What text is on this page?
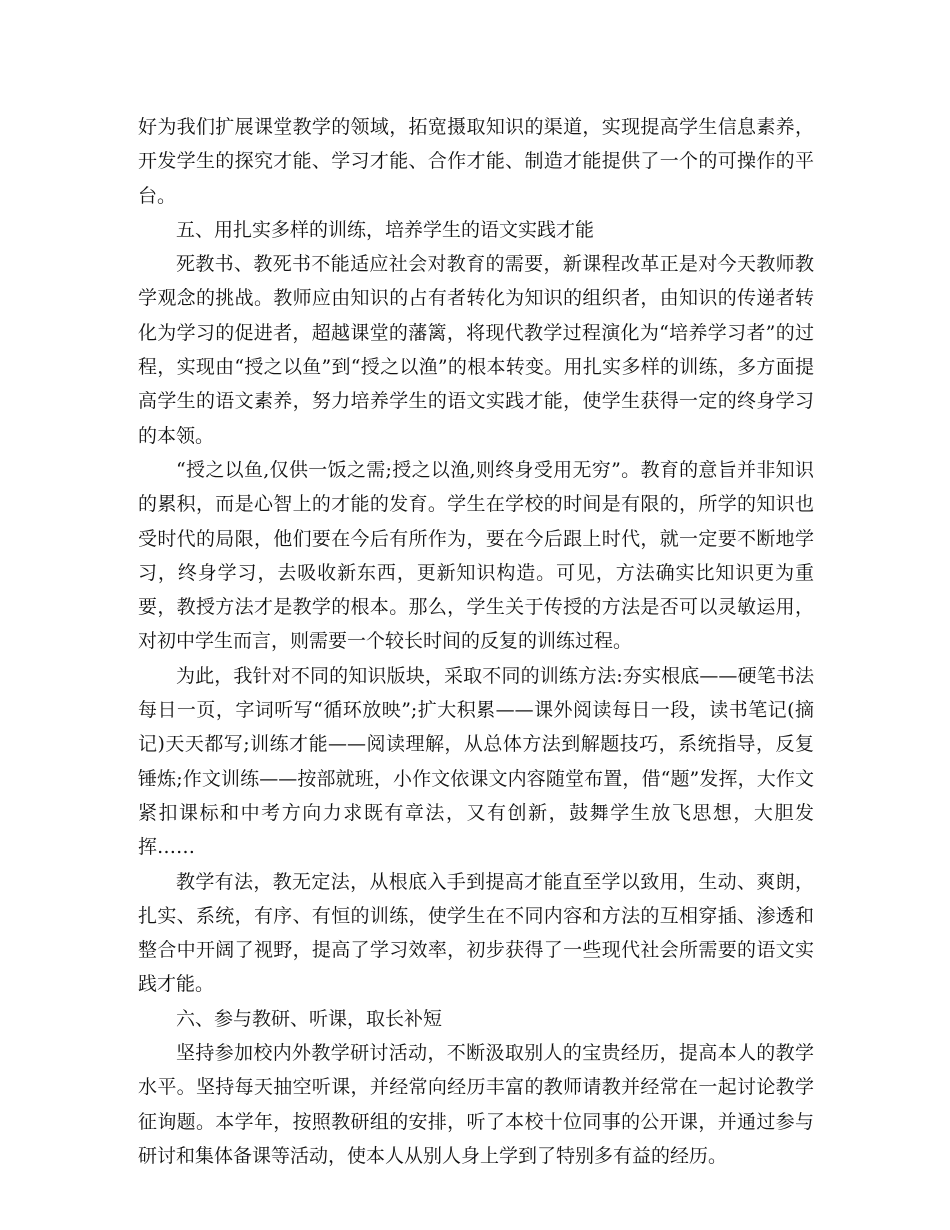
好为我们扩展课堂教学的领域，拓宽摄取知识的渠道，实现提高学生信息素养，开发学生的探究才能、学习才能、合作才能、制造才能提供了一个的可操作的平台。

五、用扎实多样的训练，培养学生的语文实践才能

死教书、教死书不能适应社会对教育的需要，新课程改革正是对今天教师教学观念的挑战。教师应由知识的占有者转化为知识的组织者，由知识的传递者转化为学习的促进者，超越课堂的藩篱，将现代教学过程演化为“培养学习者”的过程，实现由“授之以鱼”到“授之以渔”的根本转变。用扎实多样的训练，多方面提高学生的语文素养，努力培养学生的语文实践才能，使学生获得一定的终身学习的本领。

“授之以鱼,仅供一饭之需;授之以渔,则终身受用无穷”。教育的意旨并非知识的累积，而是心智上的才能的发育。学生在学校的时间是有限的，所学的知识也受时代的局限，他们要在今后有所作为，要在今后跟上时代，就一定要不断地学习，终身学习，去吸收新东西，更新知识构造。可见，方法确实比知识更为重要，教授方法才是教学的根本。那么，学生关于传授的方法是否可以灵敏运用，对初中学生而言，则需要一个较长时间的反复的训练过程。

为此，我针对不同的知识版块，采取不同的训练方法:夯实根底——硬笔书法每日一页，字词听写“循环放映”;扩大积累——课外阅读每日一段，读书笔记(摘记)天天都写;训练才能——阅读理解，从总体方法到解题技巧，系统指导，反复锤炼;作文训练——按部就班，小作文依课文内容随堂布置，借“题”发挥，大作文紧扣课标和中考方向力求既有章法，又有创新，鼓舞学生放飞思想，大胆发挥……

教学有法，教无定法，从根底入手到提高才能直至学以致用，生动、爽朗，扎实、系统，有序、有恒的训练，使学生在不同内容和方法的互相穿插、渗透和整合中开阔了视野，提高了学习效率，初步获得了一些现代社会所需要的语文实践才能。

六、参与教研、听课，取长补短

坚持参加校内外教学研讨活动，不断汲取别人的宝贵经历，提高本人的教学水平。坚持每天抽空听课，并经常向经历丰富的教师请教并经常在一起讨论教学征询题。本学年，按照教研组的安排，听了本校十位同事的公开课，并通过参与研讨和集体备课等活动，使本人从别人身上学到了特别多有益的经历。
